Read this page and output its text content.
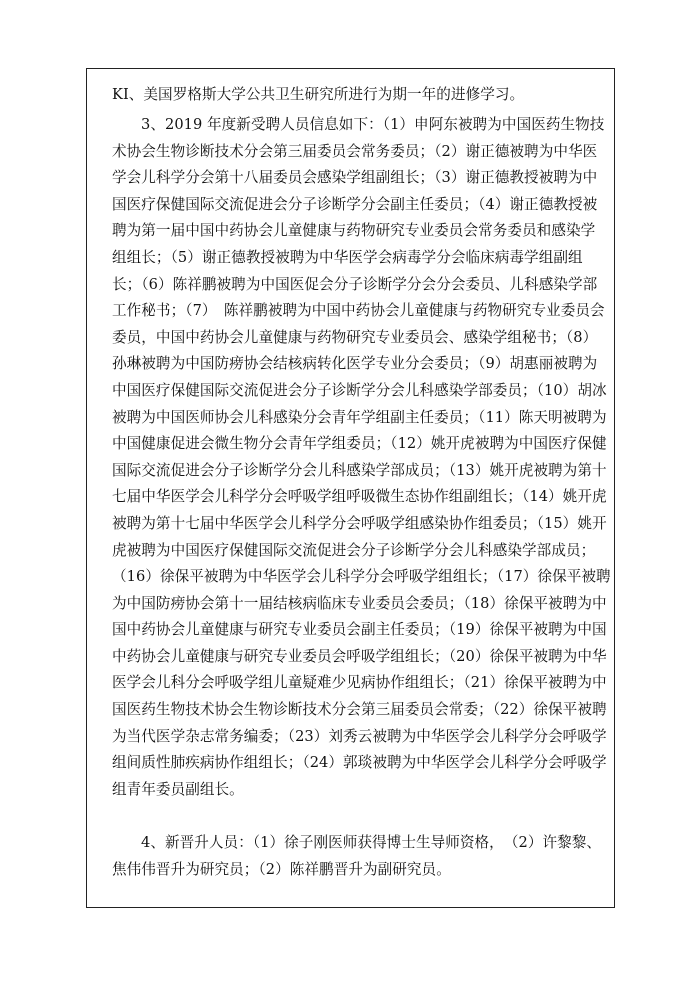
KI、美国罗格斯大学公共卫生研究所进行为期一年的进修学习。
3、2019 年度新受聘人员信息如下：（1）申阿东被聘为中国医药生物技
术协会生物诊断技术分会第三届委员会常务委员；（2）谢正德被聘为中华医
学会儿科学分会第十八届委员会感染学组副组长；（3）谢正德教授被聘为中
国医疗保健国际交流促进会分子诊断学分会副主任委员；（4）谢正德教授被
聘为第一届中国中药协会儿童健康与药物研究专业委员会常务委员和感染学
组组长；（5）谢正德教授被聘为中华医学会病毒学分会临床病毒学组副组
长；（6）陈祥鹏被聘为中国医促会分子诊断学分会分会委员、儿科感染学部
工作秘书；（7）　陈祥鹏被聘为中国中药协会儿童健康与药物研究专业委员会
委员，中国中药协会儿童健康与药物研究专业委员会、感染学组秘书；（8）
孙琳被聘为中国防痨协会结核病转化医学专业分会委员；（9）胡惠丽被聘为
中国医疗保健国际交流促进会分子诊断学分会儿科感染学部委员；（10）胡冰
被聘为中国医师协会儿科感染分会青年学组副主任委员；（11）陈天明被聘为
中国健康促进会微生物分会青年学组委员；（12）姚开虎被聘为中国医疗保健
国际交流促进会分子诊断学分会儿科感染学部成员；（13）姚开虎被聘为第十
七届中华医学会儿科学分会呼吸学组呼吸微生态协作组副组长；（14）姚开虎
被聘为第十七届中华医学会儿科学分会呼吸学组感染协作组委员；（15）姚开
虎被聘为中国医疗保健国际交流促进会分子诊断学分会儿科感染学部成员；
（16）徐保平被聘为中华医学会儿科学分会呼吸学组组长；（17）徐保平被聘
为中国防痨协会第十一届结核病临床专业委员会委员；（18）徐保平被聘为中
国中药协会儿童健康与研究专业委员会副主任委员；（19）徐保平被聘为中国
中药协会儿童健康与研究专业委员会呼吸学组组长；（20）徐保平被聘为中华
医学会儿科分会呼吸学组儿童疑难少见病协作组组长；（21）徐保平被聘为中
国医药生物技术协会生物诊断技术分会第三届委员会常委；（22）徐保平被聘
为当代医学杂志常务编委；（23）刘秀云被聘为中华医学会儿科学分会呼吸学
组间质性肺疾病协作组组长；（24）郭琰被聘为中华医学会儿科学分会呼吸学
组青年委员副组长。
4、新晋升人员：（1）徐子刚医师获得博士生导师资格，　（2）许黎黎、
焦伟伟晋升为研究员；（2）陈祥鹏晋升为副研究员。
